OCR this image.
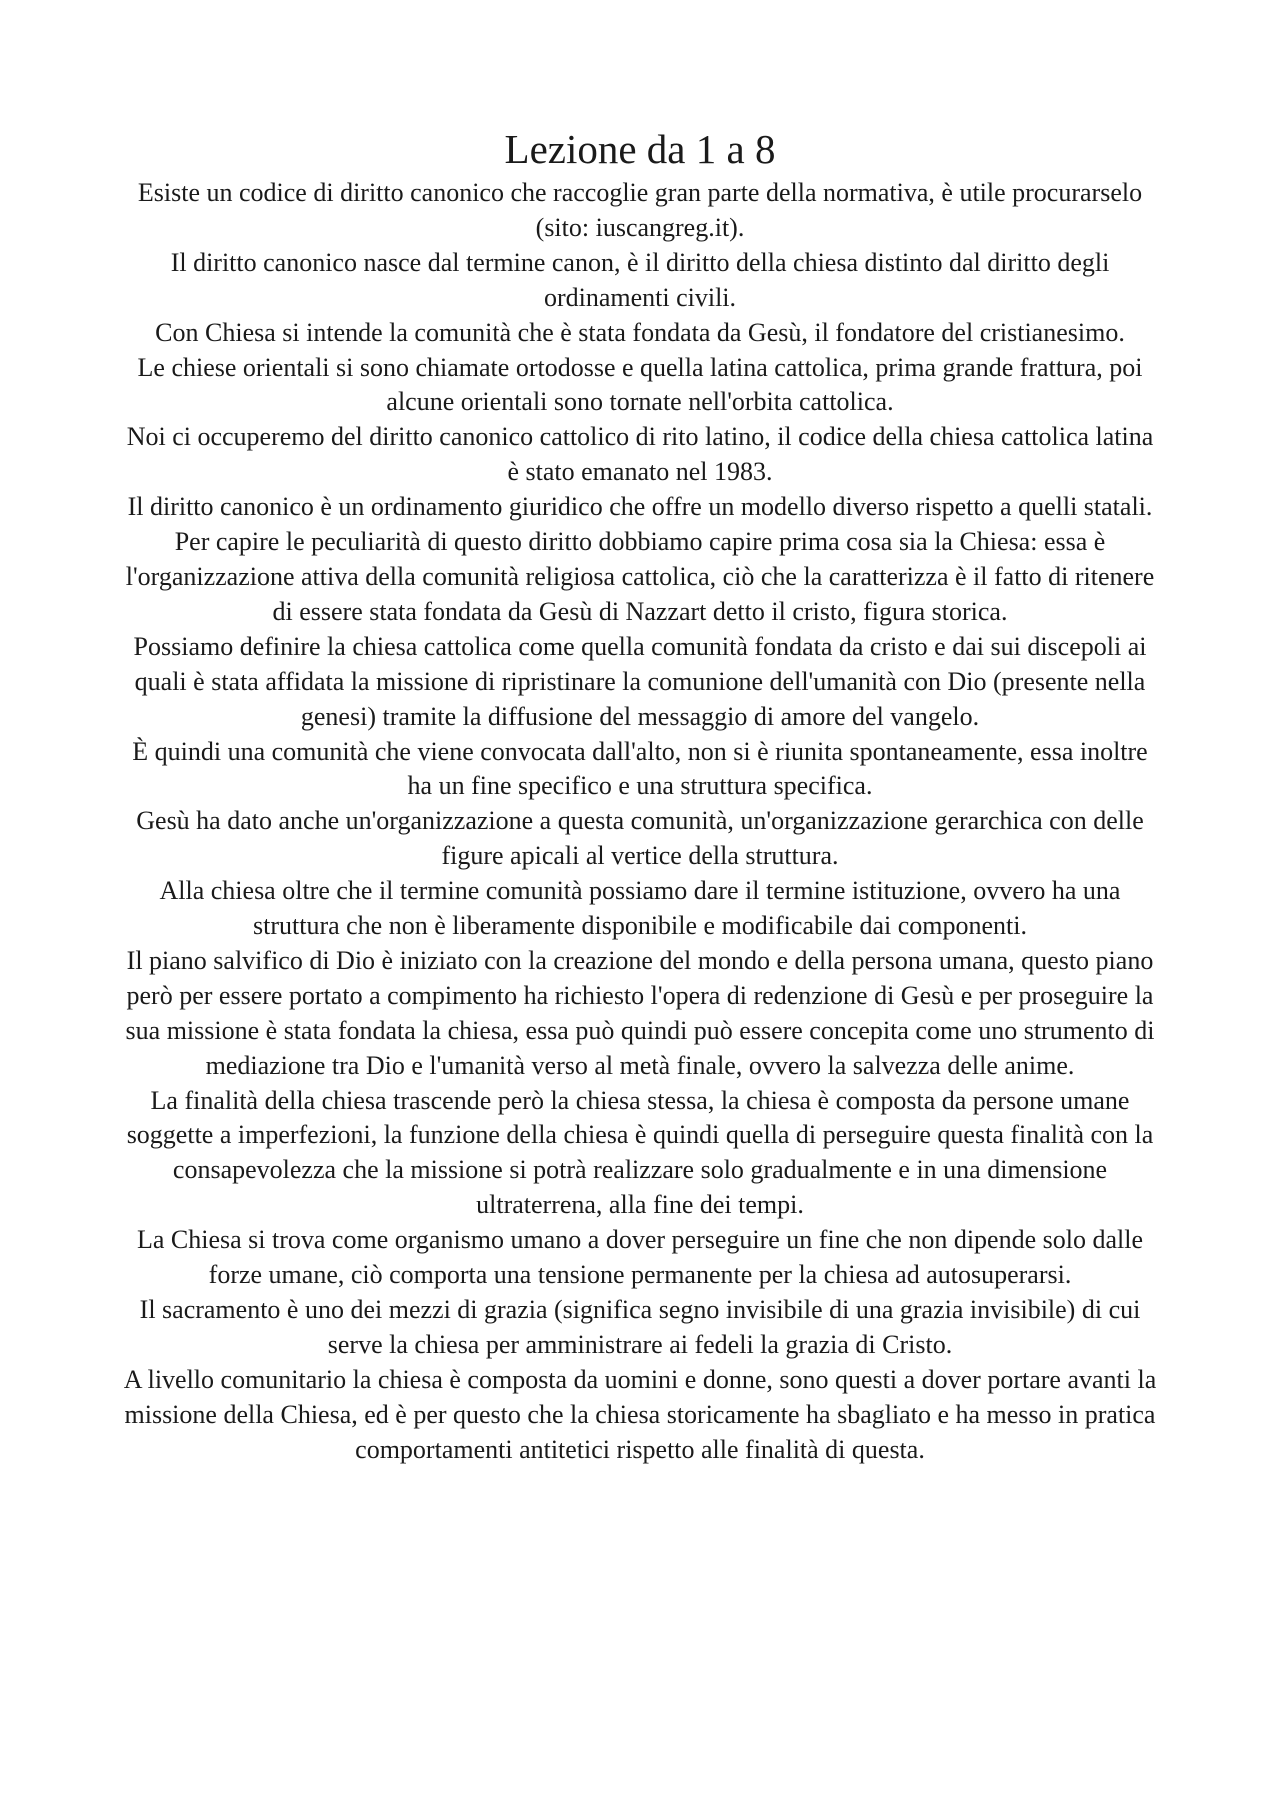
Lezione da 1 a 8

Esiste un codice di diritto canonico che raccoglie gran parte della normativa, è utile procurarselo (sito: iuscangreg.it).

Il diritto canonico nasce dal termine canon, è il diritto della chiesa distinto dal diritto degli ordinamenti civili.

Con Chiesa si intende la comunità che è stata fondata da Gesù, il fondatore del cristianesimo.

Le chiese orientali si sono chiamate ortodosse e quella latina cattolica, prima grande frattura, poi alcune orientali sono tornate nell'orbita cattolica.

Noi ci occuperemo del diritto canonico cattolico di rito latino, il codice della chiesa cattolica latina è stato emanato nel 1983.

Il diritto canonico è un ordinamento giuridico che offre un modello diverso rispetto a quelli statali.

Per capire le peculiarità di questo diritto dobbiamo capire prima cosa sia la Chiesa: essa è l'organizzazione attiva della comunità religiosa cattolica, ciò che la caratterizza è il fatto di ritenere di essere stata fondata da Gesù di Nazzart detto il cristo, figura storica.

Possiamo definire la chiesa cattolica come quella comunità fondata da cristo e dai sui discepoli ai quali è stata affidata la missione di ripristinare la comunione dell'umanità con Dio (presente nella genesi) tramite la diffusione del messaggio di amore del vangelo.

È quindi una comunità che viene convocata dall'alto, non si è riunita spontaneamente, essa inoltre ha un fine specifico e una struttura specifica.

Gesù ha dato anche un'organizzazione a questa comunità, un'organizzazione gerarchica con delle figure apicali al vertice della struttura.

Alla chiesa oltre che il termine comunità possiamo dare il termine istituzione, ovvero ha una struttura che non è liberamente disponibile e modificabile dai componenti.

Il piano salvifico di Dio è iniziato con la creazione del mondo e della persona umana, questo piano però per essere portato a compimento ha richiesto l'opera di redenzione di Gesù e per proseguire la sua missione è stata fondata la chiesa, essa può quindi può essere concepita come uno strumento di mediazione tra Dio e l'umanità verso al metà finale, ovvero la salvezza delle anime.

La finalità della chiesa trascende però la chiesa stessa, la chiesa è composta da persone umane soggette a imperfezioni, la funzione della chiesa è quindi quella di perseguire questa finalità con la consapevolezza che la missione si potrà realizzare solo gradualmente e in una dimensione ultraterrena, alla fine dei tempi.

La Chiesa si trova come organismo umano a dover perseguire un fine che non dipende solo dalle forze umane, ciò comporta una tensione permanente per la chiesa ad autosuperarsi.

Il sacramento è uno dei mezzi di grazia (significa segno invisibile di una grazia invisibile) di cui serve la chiesa per amministrare ai fedeli la grazia di Cristo.

A livello comunitario la chiesa è composta da uomini e donne, sono questi a dover portare avanti la missione della Chiesa, ed è per questo che la chiesa storicamente ha sbagliato e ha messo in pratica comportamenti antitetici rispetto alle finalità di questa.
